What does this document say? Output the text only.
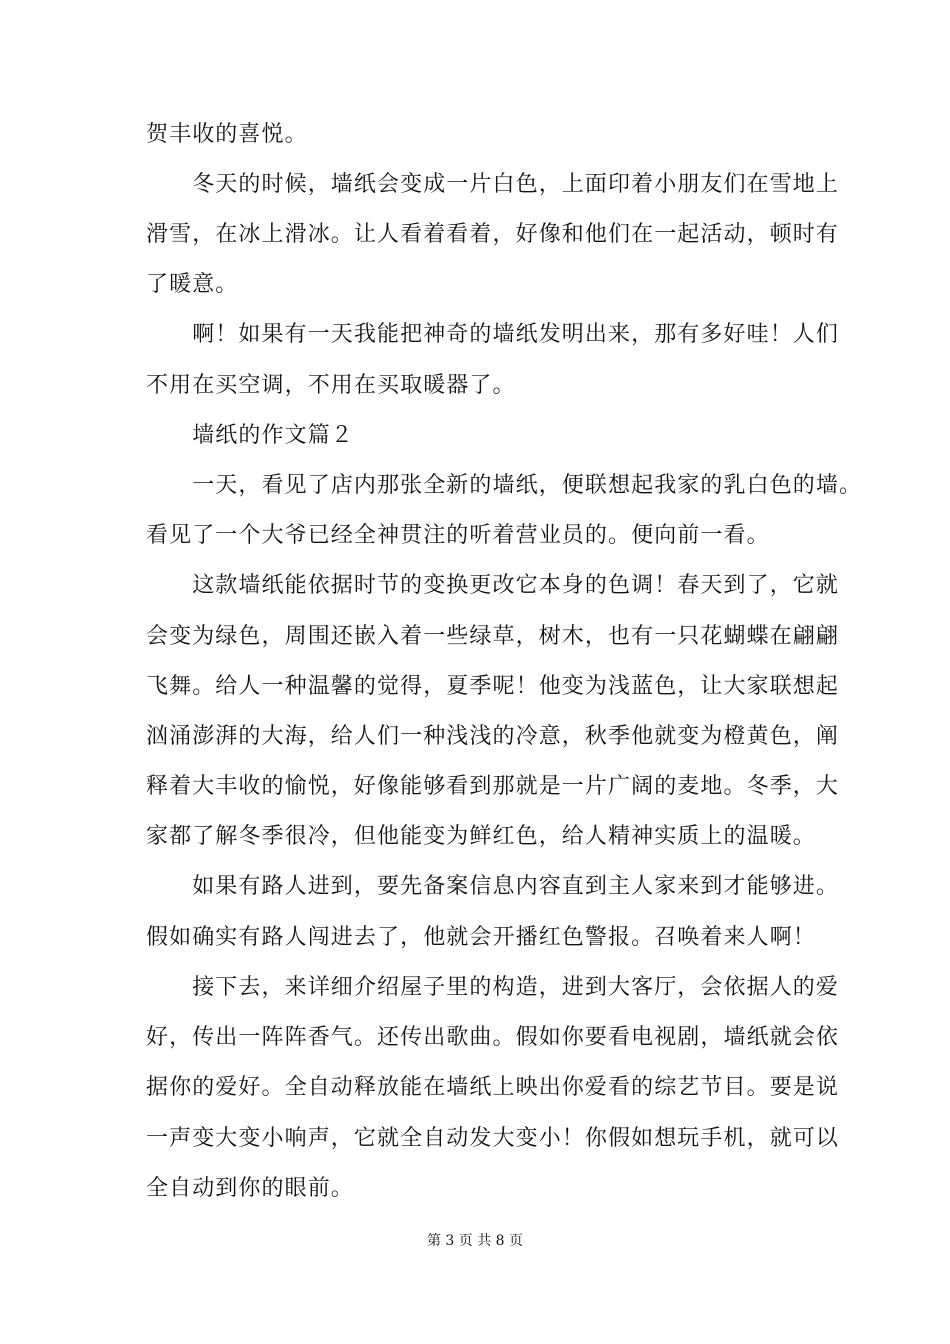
贺丰收的喜悦。
　　冬天的时候，墙纸会变成一片白色，上面印着小朋友们在雪地上
滑雪，在冰上滑冰。让人看着看着，好像和他们在一起活动，顿时有
了暖意。
　　啊！如果有一天我能把神奇的墙纸发明出来，那有多好哇！人们
不用在买空调，不用在买取暖器了。
　　墙纸的作文篇２
　　一天，看见了店内那张全新的墙纸，便联想起我家的乳白色的墙。
看见了一个大爷已经全神贯注的听着营业员的。便向前一看。
　　这款墙纸能依据时节的变换更改它本身的色调！春天到了，它就
会变为绿色，周围还嵌入着一些绿草，树木，也有一只花蝴蝶在翩翩
飞舞。给人一种温馨的觉得，夏季呢！他变为浅蓝色，让大家联想起
汹涌澎湃的大海，给人们一种浅浅的冷意，秋季他就变为橙黄色，阐
释着大丰收的愉悦，好像能够看到那就是一片广阔的麦地。冬季，大
家都了解冬季很冷，但他能变为鲜红色，给人精神实质上的温暖。
　　如果有路人进到，要先备案信息内容直到主人家来到才能够进。
假如确实有路人闯进去了，他就会开播红色警报。召唤着来人啊！
　　接下去，来详细介绍屋子里的构造，进到大客厅，会依据人的爱
好，传出一阵阵香气。还传出歌曲。假如你要看电视剧，墙纸就会依
据你的爱好。全自动释放能在墙纸上映出你爱看的综艺节目。要是说
一声变大变小响声，它就全自动发大变小！你假如想玩手机，就可以
全自动到你的眼前。
第 3 页 共 8 页
